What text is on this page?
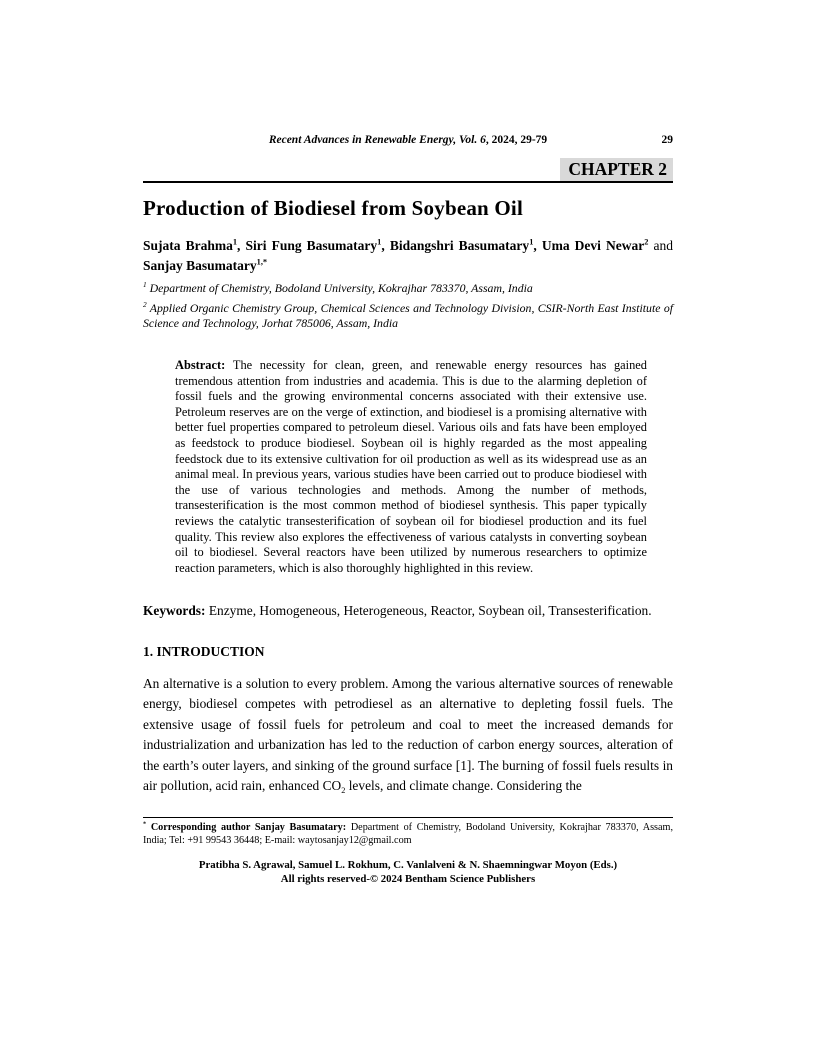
Recent Advances in Renewable Energy, Vol. 6, 2024, 29-79	29
CHAPTER 2
Production of Biodiesel from Soybean Oil

Sujata Brahma$^1$, Siri Fung Basumatary$^1$, Bidangshri Basumatary$^1$, Uma Devi Newar$^2$ and Sanjay Basumatary$^{1,*}$

$^1$ Department of Chemistry, Bodoland University, Kokrajhar 783370, Assam, India

$^2$ Applied Organic Chemistry Group, Chemical Sciences and Technology Division, CSIR-North East Institute of Science and Technology, Jorhat 785006, Assam, India

Abstract: The necessity for clean, green, and renewable energy resources has gained tremendous attention from industries and academia. This is due to the alarming depletion of fossil fuels and the growing environmental concerns associated with their extensive use. Petroleum reserves are on the verge of extinction, and biodiesel is a promising alternative with better fuel properties compared to petroleum diesel. Various oils and fats have been employed as feedstock to produce biodiesel. Soybean oil is highly regarded as the most appealing feedstock due to its extensive cultivation for oil production as well as its widespread use as an animal meal. In previous years, various studies have been carried out to produce biodiesel with the use of various technologies and methods. Among the number of methods, transesterification is the most common method of biodiesel synthesis. This paper typically reviews the catalytic transesterification of soybean oil for biodiesel production and its fuel quality. This review also explores the effectiveness of various catalysts in converting soybean oil to biodiesel. Several reactors have been utilized by numerous researchers to optimize reaction parameters, which is also thoroughly highlighted in this review.

Keywords: Enzyme, Homogeneous, Heterogeneous, Reactor, Soybean oil, Transesterification.

1. INTRODUCTION

An alternative is a solution to every problem. Among the various alternative sources of renewable energy, biodiesel competes with petrodiesel as an alternative to depleting fossil fuels. The extensive usage of fossil fuels for petroleum and coal to meet the increased demands for industrialization and urbanization has led to the reduction of carbon energy sources, alteration of the earth’s outer layers, and sinking of the ground surface [1]. The burning of fossil fuels results in air pollution, acid rain, enhanced $CO_2$ levels, and climate change. Considering the

* Corresponding author Sanjay Basumatary: Department of Chemistry, Bodoland University, Kokrajhar 783370, Assam, India; Tel: +91 99543 36448; E-mail: waytosanjay12@gmail.com

Pratibha S. Agrawal, Samuel L. Rokhum, C. Vanlalveni & N. Shaemningwar Moyon (Eds.)
All rights reserved-© 2024 Bentham Science Publishers
